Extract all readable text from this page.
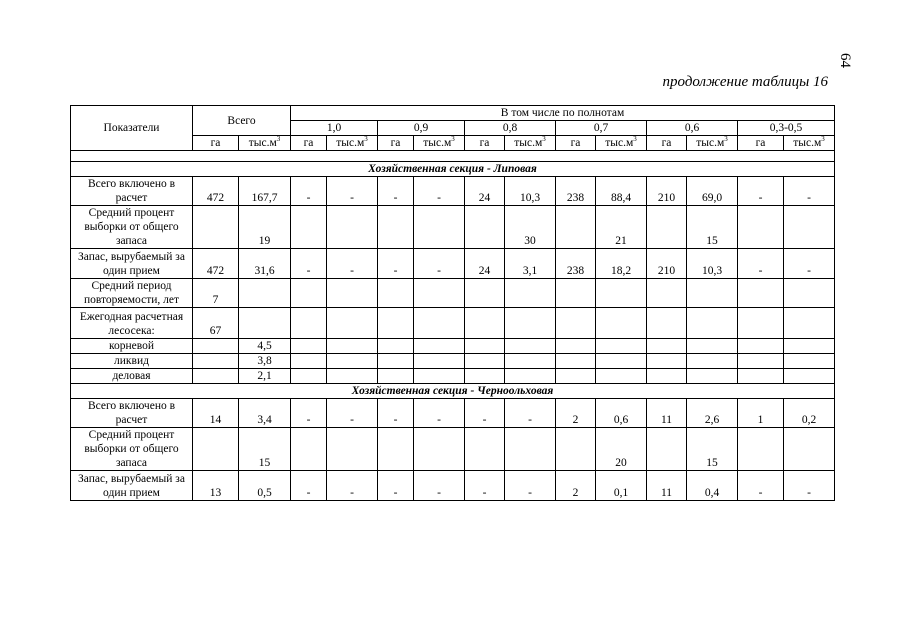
64
продолжение таблицы 16
Показатели	Всего		В том числе по полнотам											
			1,0		0,9		0,8		0,7		0,6		0,3-0,5	
	га	$тыс.м^3$	га	$тыс.м^3$	га	$тыс.м^3$	га	$тыс.м^3$	га	$тыс.м^3$	га	$тыс.м^3$	га	$тыс.м^3$

Хозяйственная секция - Липовая														
Всего включено в расчет	472	167,7	-	-	-	-	24	10,3	238	88,4	210	69,0	-	-
Средний процент выборки от общего запаса		19						30		21		15		
Запас, вырубаемый за один прием	472	31,6	-	-	-	-	24	3,1	238	18,2	210	10,3	-	-
Средний период повторяемости, лет	7													
Ежегодная расчетная лесосека:	67													
корневой		4,5												
ликвид		3,8												
деловая		2,1												
Хозяйственная секция - Черноольховая														
Всего включено в расчет	14	3,4	-	-	-	-	-	-	2	0,6	11	2,6	1	0,2
Средний процент выборки от общего запаса		15								20		15		
Запас, вырубаемый за один прием	13	0,5	-	-	-	-	-	-	2	0,1	11	0,4	-	-
